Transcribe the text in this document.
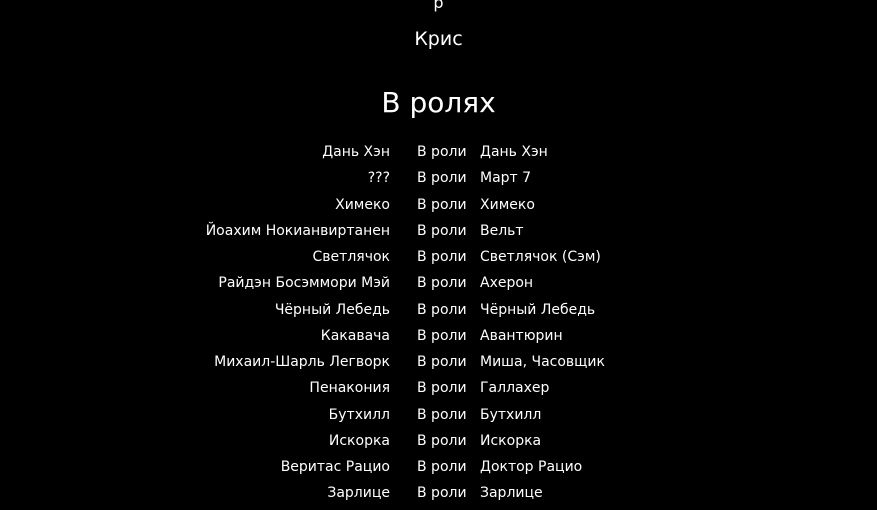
р
Крис
В ролях
Дань Хэн В роли Дань Хэн
??? В роли Март 7
Химеко В роли Химеко
Йоахим Нокианвиртанен В роли Вельт
Светлячок В роли Светлячок (Сэм)
Райдэн Босэммори Мэй В роли Ахерон
Чёрный Лебедь В роли Чёрный Лебедь
Какавача В роли Авантюрин
Михаил-Шарль Легворк В роли Миша, Часовщик
Пенакония В роли Галлахер
Бутхилл В роли Бутхилл
Искорка В роли Искорка
Веритас Рацио В роли Доктор Рацио
Зарлице В роли Зарлице
